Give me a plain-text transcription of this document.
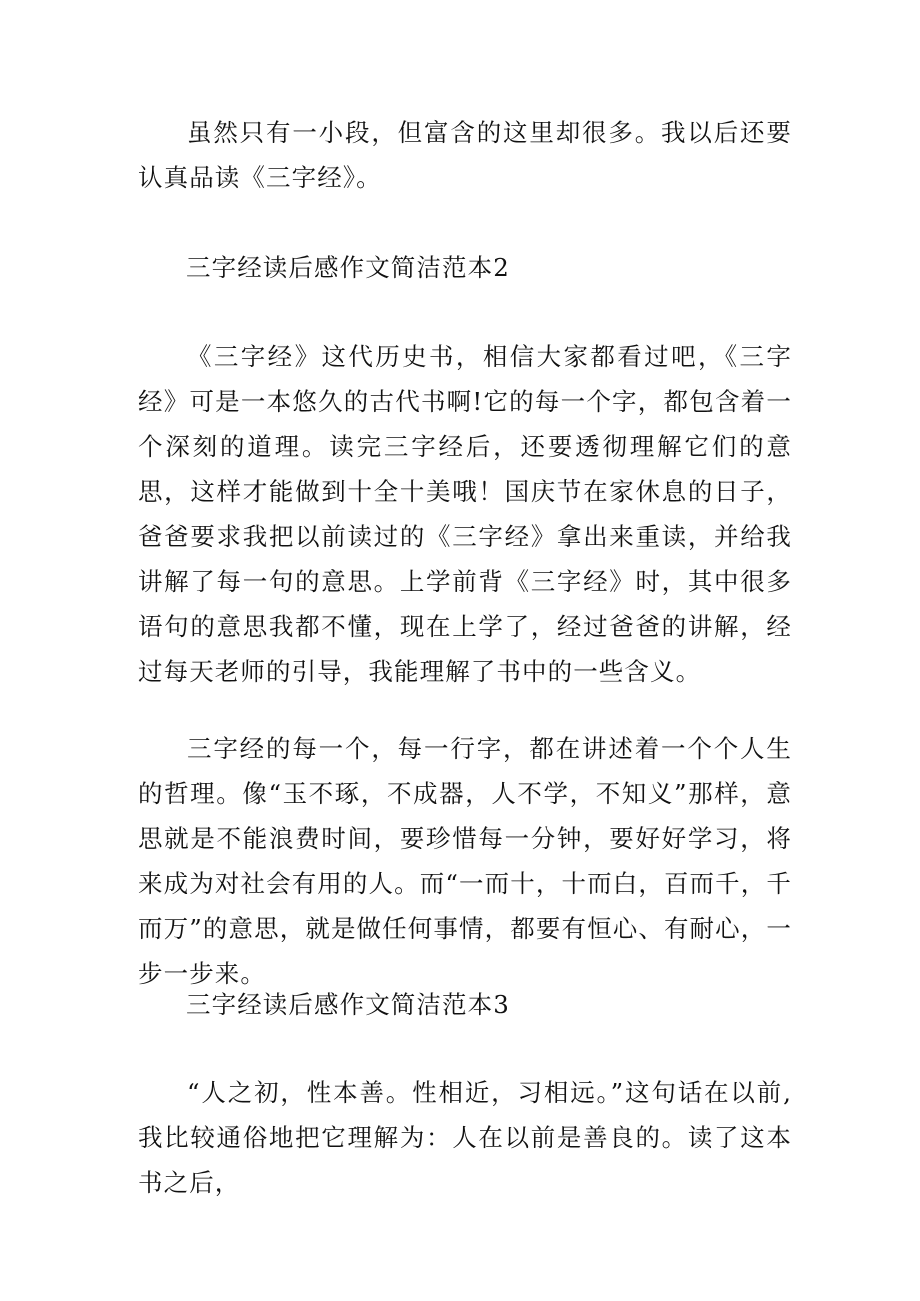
虽然只有一小段，但富含的这里却很多。我以后还要认真品读《三字经》。

三字经读后感作文简洁范本2

《三字经》这代历史书，相信大家都看过吧，《三字经》可是一本悠久的古代书啊!它的每一个字，都包含着一个深刻的道理。读完三字经后，还要透彻理解它们的意思，这样才能做到十全十美哦！国庆节在家休息的日子，爸爸要求我把以前读过的《三字经》拿出来重读，并给我讲解了每一句的意思。上学前背《三字经》时，其中很多语句的意思我都不懂，现在上学了，经过爸爸的讲解，经过每天老师的引导，我能理解了书中的一些含义。

三字经的每一个，每一行字，都在讲述着一个个人生的哲理。像“玉不琢，不成器，人不学，不知义”那样，意思就是不能浪费时间，要珍惜每一分钟，要好好学习，将来成为对社会有用的人。而“一而十，十而白，百而千，千而万”的意思，就是做任何事情，都要有恒心、有耐心，一步一步来。

三字经读后感作文简洁范本3

“人之初，性本善。性相近，习相远。”这句话在以前,我比较通俗地把它理解为：人在以前是善良的。读了这本书之后，
